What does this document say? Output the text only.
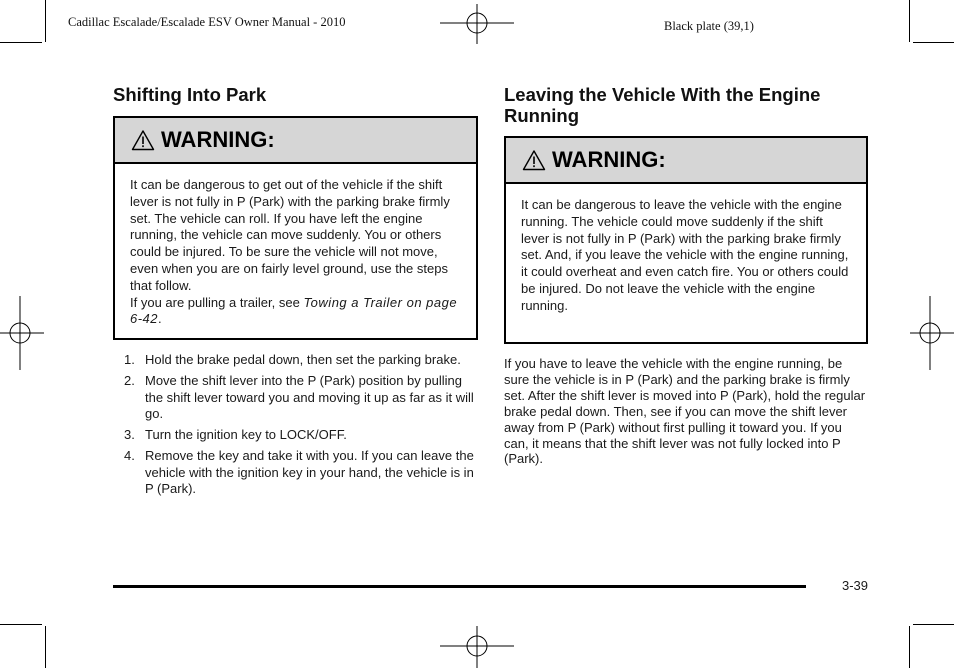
Cadillac Escalade/Escalade ESV Owner Manual - 2010	Black plate (39,1)
Shifting Into Park
WARNING:
It can be dangerous to get out of the vehicle if the shift lever is not fully in P (Park) with the parking brake firmly set. The vehicle can roll. If you have left the engine running, the vehicle can move suddenly. You or others could be injured. To be sure the vehicle will not move, even when you are on fairly level ground, use the steps that follow.
If you are pulling a trailer, see Towing a Trailer on page 6-42.
1. Hold the brake pedal down, then set the parking brake.
2. Move the shift lever into the P (Park) position by pulling the shift lever toward you and moving it up as far as it will go.
3. Turn the ignition key to LOCK/OFF.
4. Remove the key and take it with you. If you can leave the vehicle with the ignition key in your hand, the vehicle is in P (Park).
Leaving the Vehicle With the Engine Running
WARNING:
It can be dangerous to leave the vehicle with the engine running. The vehicle could move suddenly if the shift lever is not fully in P (Park) with the parking brake firmly set. And, if you leave the vehicle with the engine running, it could overheat and even catch fire. You or others could be injured. Do not leave the vehicle with the engine running.
If you have to leave the vehicle with the engine running, be sure the vehicle is in P (Park) and the parking brake is firmly set. After the shift lever is moved into P (Park), hold the regular brake pedal down. Then, see if you can move the shift lever away from P (Park) without first pulling it toward you. If you can, it means that the shift lever was not fully locked into P (Park).
3-39
